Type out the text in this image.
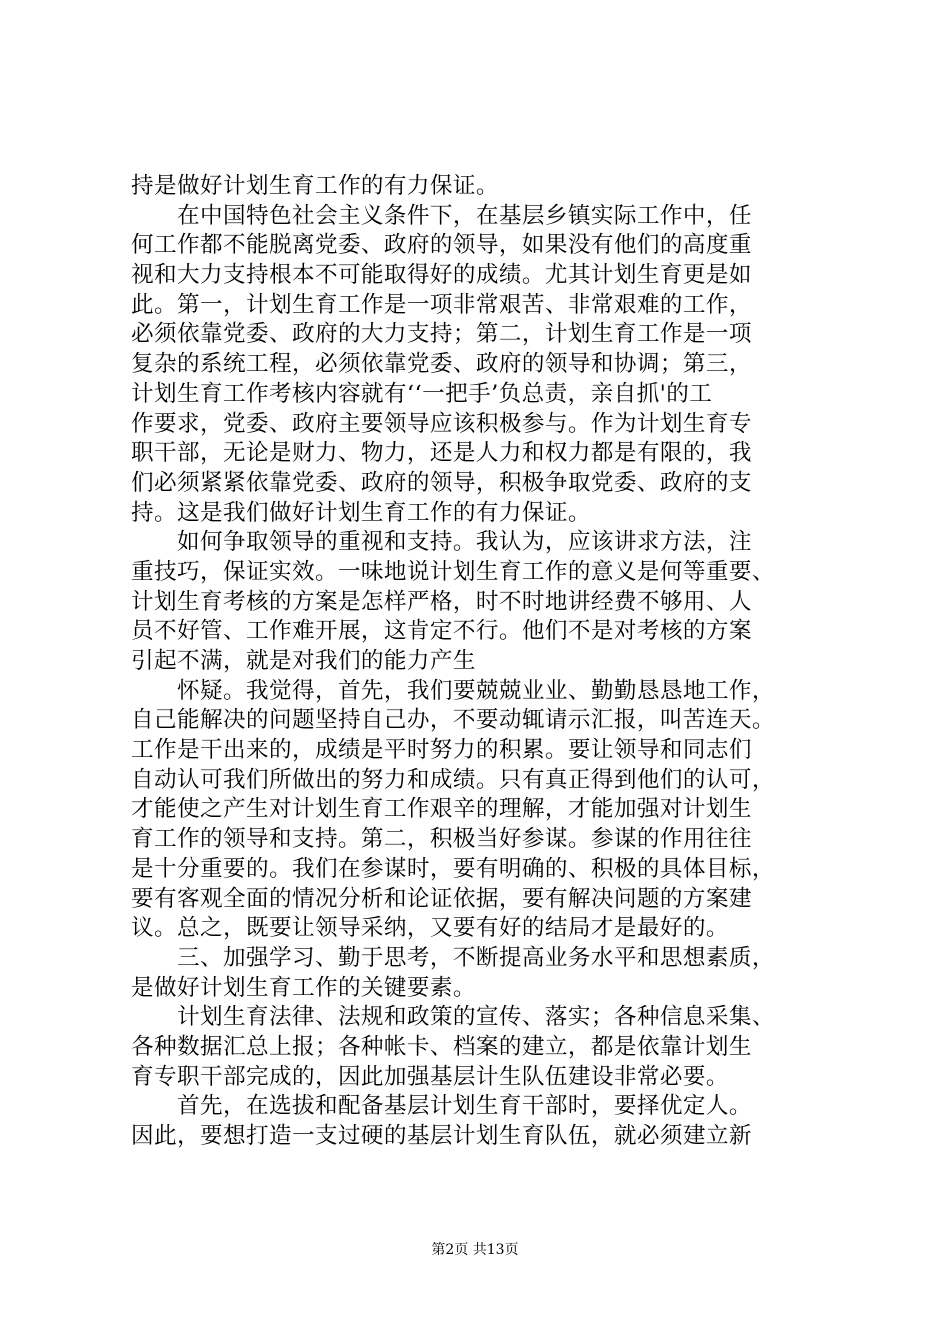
持是做好计划生育工作的有力保证。
　　在中国特色社会主义条件下，在基层乡镇实际工作中，任
何工作都不能脱离党委、政府的领导，如果没有他们的高度重
视和大力支持根本不可能取得好的成绩。尤其计划生育更是如
此。第一，计划生育工作是一项非常艰苦、非常艰难的工作，
必须依靠党委、政府的大力支持；第二，计划生育工作是一项
复杂的系统工程，必须依靠党委、政府的领导和协调；第三，
计划生育工作考核内容就有‘‘一把手’负总责，亲自抓'的工
作要求，党委、政府主要领导应该积极参与。作为计划生育专
职干部，无论是财力、物力，还是人力和权力都是有限的，我
们必须紧紧依靠党委、政府的领导，积极争取党委、政府的支
持。这是我们做好计划生育工作的有力保证。
　　如何争取领导的重视和支持。我认为，应该讲求方法，注
重技巧，保证实效。一味地说计划生育工作的意义是何等重要、
计划生育考核的方案是怎样严格，时不时地讲经费不够用、人
员不好管、工作难开展，这肯定不行。他们不是对考核的方案
引起不满，就是对我们的能力产生
　　怀疑。我觉得，首先，我们要兢兢业业、勤勤恳恳地工作，
自己能解决的问题坚持自己办，不要动辄请示汇报，叫苦连天。
工作是干出来的，成绩是平时努力的积累。要让领导和同志们
自动认可我们所做出的努力和成绩。只有真正得到他们的认可，
才能使之产生对计划生育工作艰辛的理解，才能加强对计划生
育工作的领导和支持。第二，积极当好参谋。参谋的作用往往
是十分重要的。我们在参谋时，要有明确的、积极的具体目标，
要有客观全面的情况分析和论证依据，要有解决问题的方案建
议。总之，既要让领导采纳，又要有好的结局才是最好的。
　　三、加强学习、勤于思考，不断提高业务水平和思想素质，
是做好计划生育工作的关键要素。
　　计划生育法律、法规和政策的宣传、落实；各种信息采集、
各种数据汇总上报；各种帐卡、档案的建立，都是依靠计划生
育专职干部完成的，因此加强基层计生队伍建设非常必要。
　　首先，在选拔和配备基层计划生育干部时，要择优定人。
因此，要想打造一支过硬的基层计划生育队伍，就必须建立新
第2页 共13页
